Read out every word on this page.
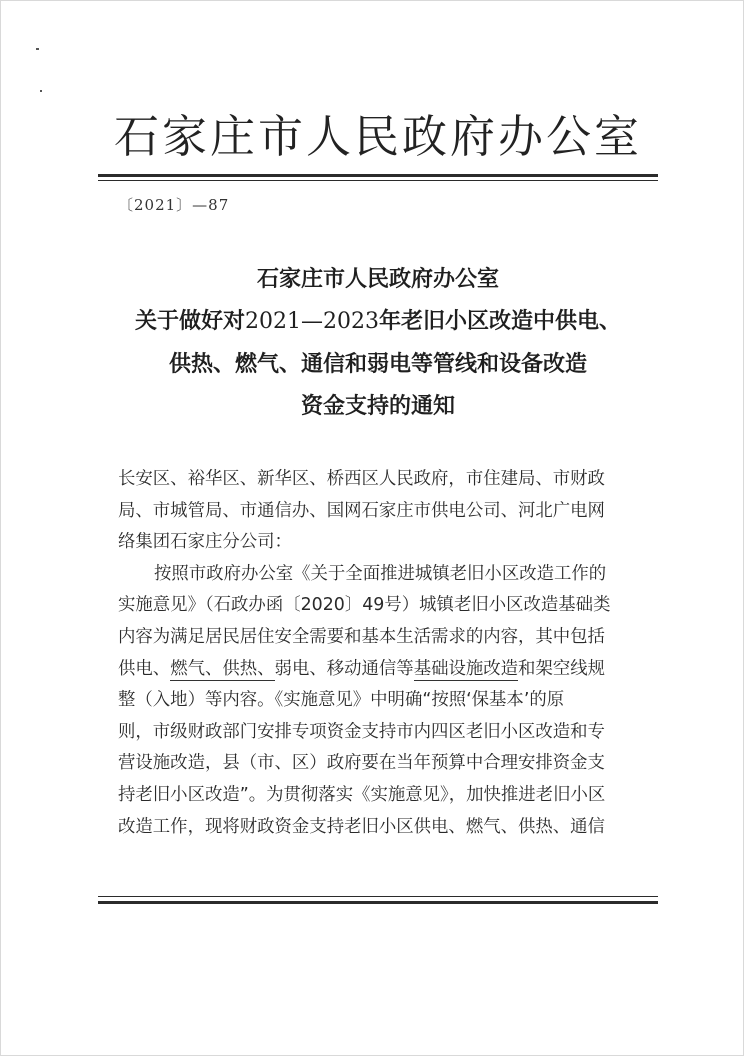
石家庄市人民政府办公室
〔2021〕—87
石家庄市人民政府办公室
关于做好对2021—2023年老旧小区改造中供电、
供热、燃气、通信和弱电等管线和设备改造
资金支持的通知
长安区、裕华区、新华区、桥西区人民政府，市住建局、市财政
局、市城管局、市通信办、国网石家庄市供电公司、河北广电网
络集团石家庄分公司：
按照市政府办公室《关于全面推进城镇老旧小区改造工作的
实施意见》（石政办函〔2020〕49号）城镇老旧小区改造基础类
内容为满足居民居住安全需要和基本生活需求的内容，其中包括
供电、燃气、供热、弱电、移动通信等基础设施改造和架空线规
整（入地）等内容。《实施意见》中明确“按照‘保基本’的原
则，市级财政部门安排专项资金支持市内四区老旧小区改造和专
营设施改造，县（市、区）政府要在当年预算中合理安排资金支
持老旧小区改造”。为贯彻落实《实施意见》，加快推进老旧小区
改造工作，现将财政资金支持老旧小区供电、燃气、供热、通信
